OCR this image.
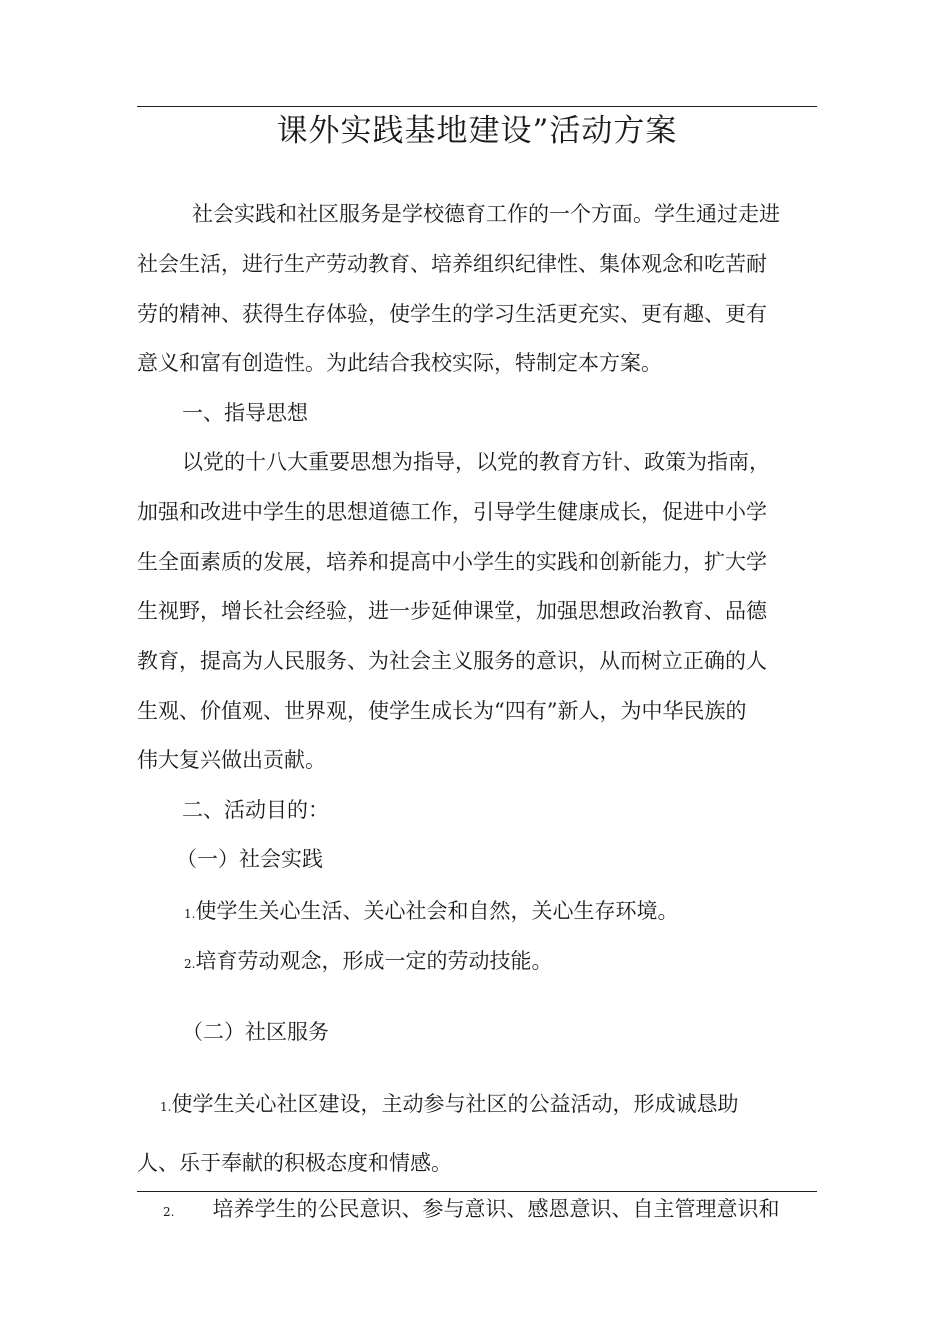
课外实践基地建设”活动方案
社会实践和社区服务是学校德育工作的一个方面。学生通过走进
社会生活，进行生产劳动教育、培养组织纪律性、集体观念和吃苦耐
劳的精神、获得生存体验，使学生的学习生活更充实、更有趣、更有
意义和富有创造性。为此结合我校实际，特制定本方案。
一、指导思想
以党的十八大重要思想为指导，以党的教育方针、政策为指南，
加强和改进中学生的思想道德工作，引导学生健康成长，促进中小学
生全面素质的发展，培养和提高中小学生的实践和创新能力，扩大学
生视野，增长社会经验，进一步延伸课堂，加强思想政治教育、品德
教育，提高为人民服务、为社会主义服务的意识，从而树立正确的人
生观、价值观、世界观，使学生成长为“四有”新人，为中华民族的
伟大复兴做出贡献。
二、活动目的：
（一）社会实践
1.使学生关心生活、关心社会和自然，关心生存环境。
2.培育劳动观念，形成一定的劳动技能。
（二）社区服务
1.使学生关心社区建设，主动参与社区的公益活动，形成诚恳助
人、乐于奉献的积极态度和情感。
2. 培养学生的公民意识、参与意识、感恩意识、自主管理意识和
